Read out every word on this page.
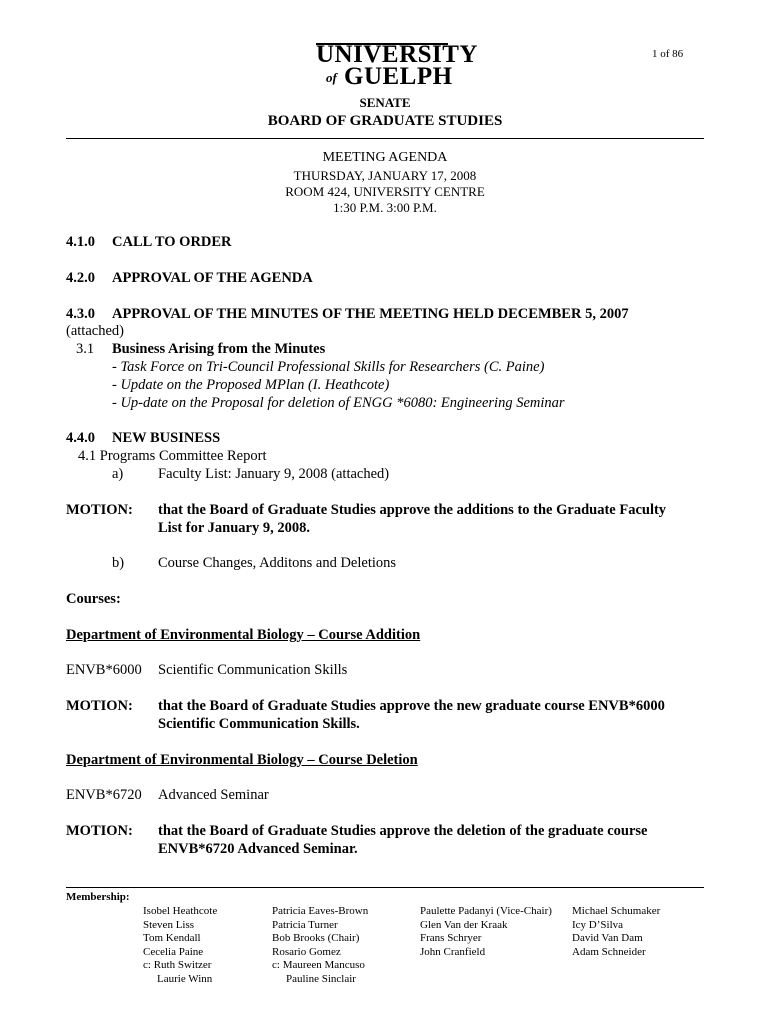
UNIVERSITY
of GUELPH
1 of 86
SENATE
BOARD OF GRADUATE STUDIES
MEETING AGENDA
THURSDAY, JANUARY 17, 2008
ROOM 424, UNIVERSITY CENTRE
1:30 P.M. 3:00 P.M.
4.1.0 CALL TO ORDER
4.2.0 APPROVAL OF THE AGENDA
4.3.0 APPROVAL OF THE MINUTES OF THE MEETING HELD DECEMBER 5, 2007
(attached)
3.1 Business Arising from the Minutes
- Task Force on Tri-Council Professional Skills for Researchers (C. Paine)
- Update on the Proposed MPlan (I. Heathcote)
- Up-date on the Proposal for deletion of ENGG *6080: Engineering Seminar
4.4.0 NEW BUSINESS
4.1 Programs Committee Report
a) Faculty List: January 9, 2008 (attached)
MOTION: that the Board of Graduate Studies approve the additions to the Graduate Faculty
List for January 9, 2008.
b) Course Changes, Additons and Deletions
Courses:
Department of Environmental Biology – Course Addition
ENVB*6000 Scientific Communication Skills
MOTION: that the Board of Graduate Studies approve the new graduate course ENVB*6000
Scientific Communication Skills.
Department of Environmental Biology – Course Deletion
ENVB*6720 Advanced Seminar
MOTION: that the Board of Graduate Studies approve the deletion of the graduate course
ENVB*6720 Advanced Seminar.
Membership:
Isobel Heathcote
Steven Liss
Tom Kendall
Cecelia Paine
c: Ruth Switzer
Laurie Winn
Patricia Eaves-Brown
Patricia Turner
Bob Brooks (Chair)
Rosario Gomez
c: Maureen Mancuso
Pauline Sinclair
Paulette Padanyi (Vice-Chair)
Glen Van der Kraak
Frans Schryer
John Cranfield
Michael Schumaker
Icy D’Silva
David Van Dam
Adam Schneider
